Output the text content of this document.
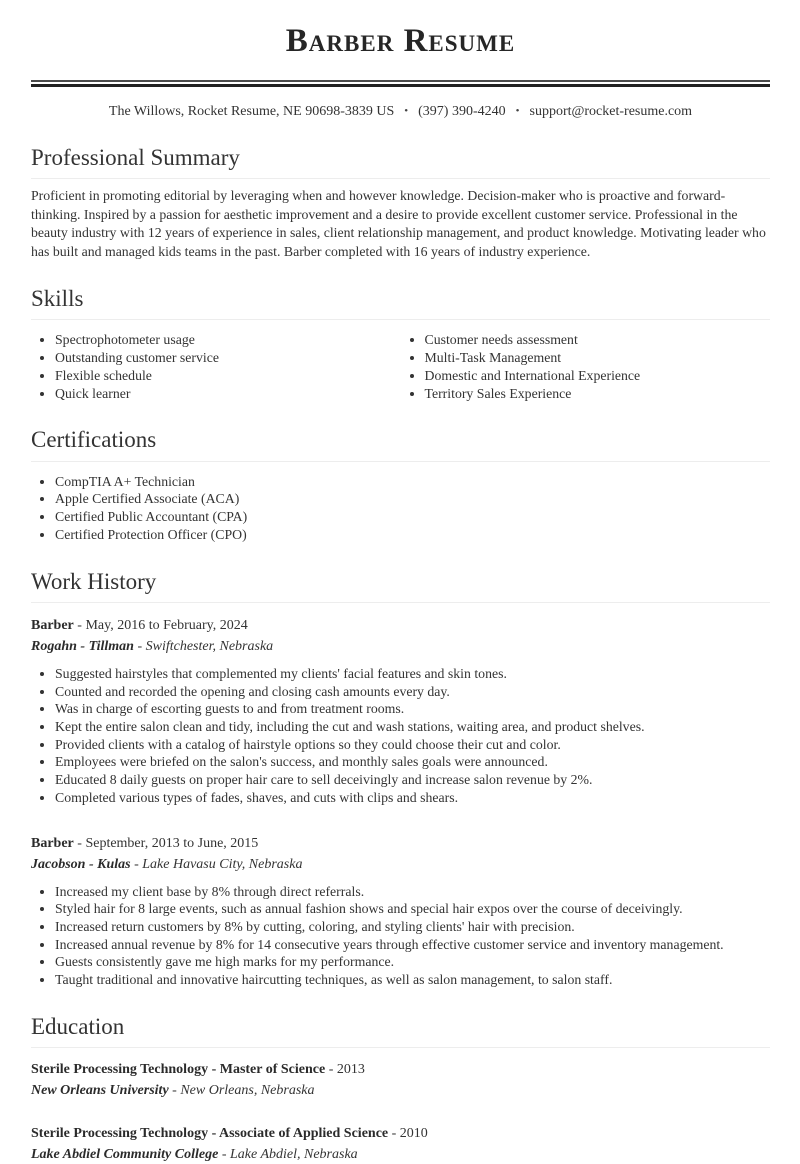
Barber Resume
The Willows, Rocket Resume, NE 90698-3839 US • (397) 390-4240 • support@rocket-resume.com
Professional Summary

Proficient in promoting editorial by leveraging when and however knowledge. Decision-maker who is proactive and forward-thinking. Inspired by a passion for aesthetic improvement and a desire to provide excellent customer service. Professional in the beauty industry with 12 years of experience in sales, client relationship management, and product knowledge. Motivating leader who has built and managed kids teams in the past. Barber completed with 16 years of industry experience.

Skills
• Spectrophotometer usage
• Outstanding customer service
• Flexible schedule
• Quick learner
• Customer needs assessment
• Multi-Task Management
• Domestic and International Experience
• Territory Sales Experience
Certifications
• CompTIA A+ Technician
• Apple Certified Associate (ACA)
• Certified Public Accountant (CPA)
• Certified Protection Officer (CPO)
Work History
Barber - May, 2016 to February, 2024
Rogahn - Tillman - Swiftchester, Nebraska
• Suggested hairstyles that complemented my clients' facial features and skin tones.
• Counted and recorded the opening and closing cash amounts every day.
• Was in charge of escorting guests to and from treatment rooms.
• Kept the entire salon clean and tidy, including the cut and wash stations, waiting area, and product shelves.
• Provided clients with a catalog of hairstyle options so they could choose their cut and color.
• Employees were briefed on the salon's success, and monthly sales goals were announced.
• Educated 8 daily guests on proper hair care to sell deceivingly and increase salon revenue by 2%.
• Completed various types of fades, shaves, and cuts with clips and shears.
Barber - September, 2013 to June, 2015
Jacobson - Kulas - Lake Havasu City, Nebraska
• Increased my client base by 8% through direct referrals.
• Styled hair for 8 large events, such as annual fashion shows and special hair expos over the course of deceivingly.
• Increased return customers by 8% by cutting, coloring, and styling clients' hair with precision.
• Increased annual revenue by 8% for 14 consecutive years through effective customer service and inventory management.
• Guests consistently gave me high marks for my performance.
• Taught traditional and innovative haircutting techniques, as well as salon management, to salon staff.
Education
Sterile Processing Technology - Master of Science - 2013
New Orleans University - New Orleans, Nebraska
Sterile Processing Technology - Associate of Applied Science - 2010
Lake Abdiel Community College - Lake Abdiel, Nebraska
